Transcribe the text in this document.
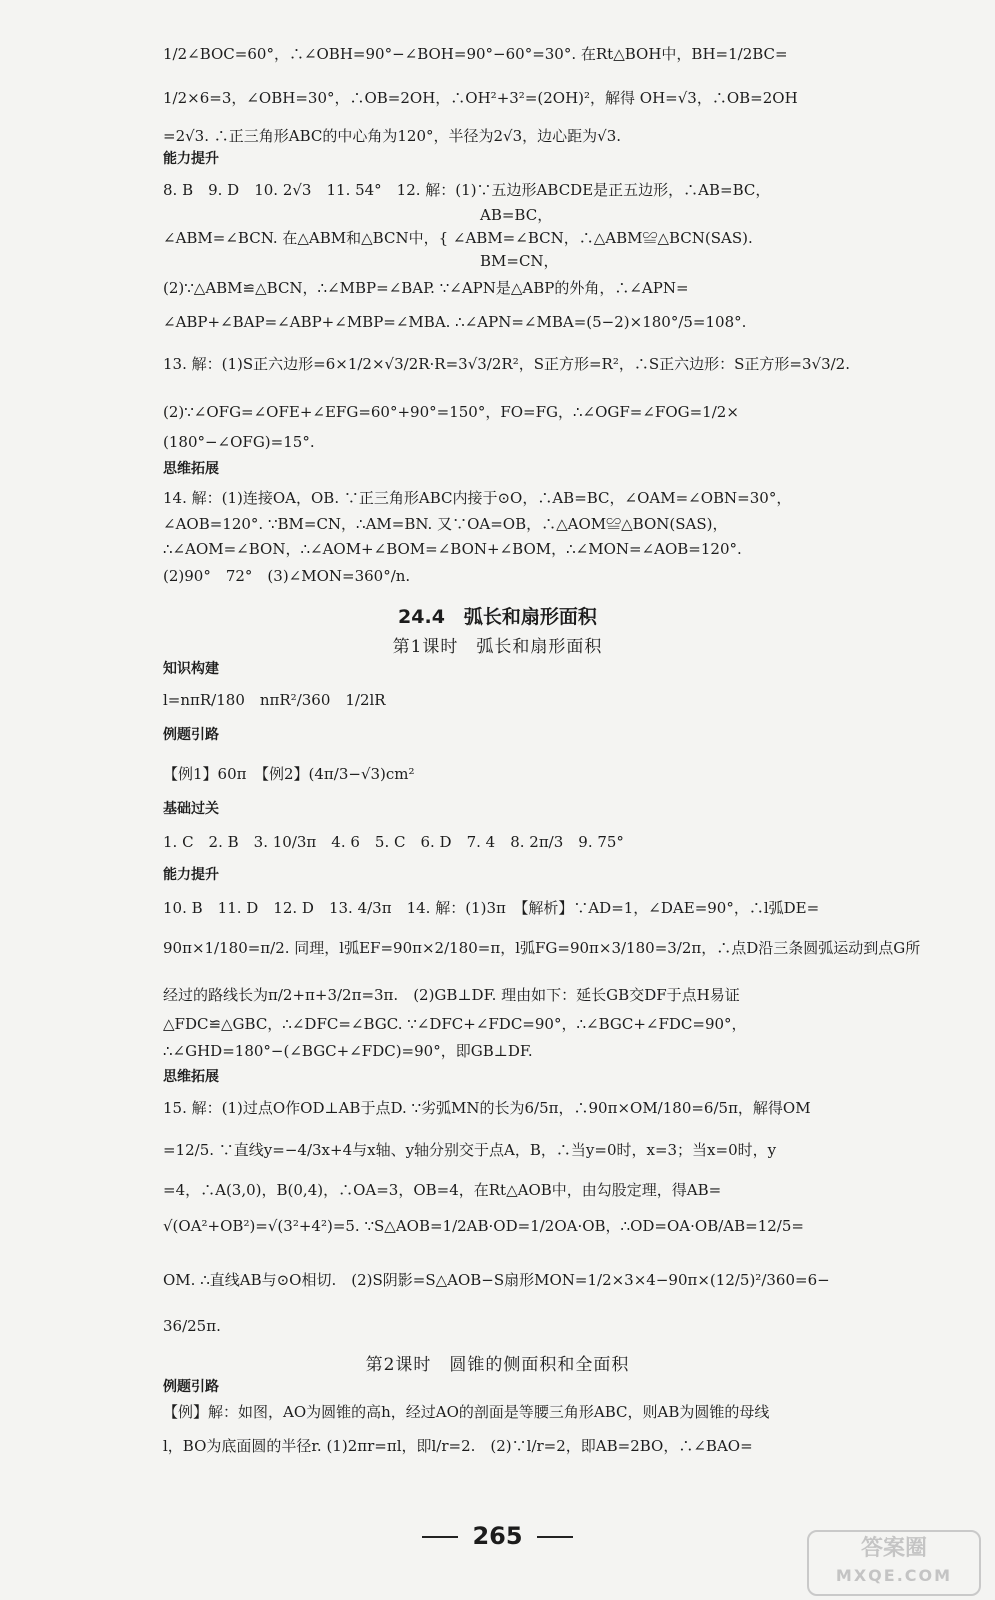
1/2∠BOC=60°，∴∠OBH=90°−∠BOH=90°−60°=30°. 在Rt△BOH中，BH=1/2BC=
1/2×6=3，∠OBH=30°，∴OB=2OH，∴OH²+3²=(2OH)²，解得 OH=√3，∴OB=2OH
=2√3. ∴正三角形ABC的中心角为120°，半径为2√3，边心距为√3.
能力提升
8. B　9. D　10. 2√3　11. 54°　12. 解：(1)∵五边形ABCDE是正五边形，∴AB=BC，
AB=BC，
∠ABM=∠BCN. 在△ABM和△BCN中，{ ∠ABM=∠BCN，∴△ABM≌△BCN(SAS).
BM=CN，
(2)∵△ABM≌△BCN，∴∠MBP=∠BAP. ∵∠APN是△ABP的外角，∴∠APN=
∠ABP+∠BAP=∠ABP+∠MBP=∠MBA. ∴∠APN=∠MBA=(5−2)×180°/5=108°.
13. 解：(1)S正六边形=6×1/2×√3/2R·R=3√3/2R²，S正方形=R²，∴S正六边形：S正方形=3√3/2.
(2)∵∠OFG=∠OFE+∠EFG=60°+90°=150°，FO=FG，∴∠OGF=∠FOG=1/2×
(180°−∠OFG)=15°.
思维拓展
14. 解：(1)连接OA，OB. ∵正三角形ABC内接于⊙O，∴AB=BC，∠OAM=∠OBN=30°，
∠AOB=120°. ∵BM=CN，∴AM=BN. 又∵OA=OB，∴△AOM≌△BON(SAS)，
∴∠AOM=∠BON，∴∠AOM+∠BOM=∠BON+∠BOM，∴∠MON=∠AOB=120°.
(2)90°　72°　(3)∠MON=360°/n.
24.4　弧长和扇形面积
第1课时　弧长和扇形面积
知识构建
l=nπR/180　nπR²/360　1/2lR
例题引路
【例1】60π　【例2】(4π/3−√3)cm²
基础过关
1. C　2. B　3. 10/3π　4. 6　5. C　6. D　7. 4　8. 2π/3　9. 75°
能力提升
10. B　11. D　12. D　13. 4/3π　14. 解：(1)3π　【解析】∵AD=1，∠DAE=90°，∴l弧DE=
90π×1/180=π/2. 同理，l弧EF=90π×2/180=π，l弧FG=90π×3/180=3/2π，∴点D沿三条圆弧运动到点G所
经过的路线长为π/2+π+3/2π=3π.　(2)GB⊥DF. 理由如下：延长GB交DF于点H易证
△FDC≌△GBC，∴∠DFC=∠BGC. ∵∠DFC+∠FDC=90°，∴∠BGC+∠FDC=90°，
∴∠GHD=180°−(∠BGC+∠FDC)=90°，即GB⊥DF.
思维拓展
15. 解：(1)过点O作OD⊥AB于点D. ∵劣弧MN的长为6/5π，∴90π×OM/180=6/5π，解得OM
=12/5. ∵直线y=−4/3x+4与x轴、y轴分别交于点A，B，∴当y=0时，x=3；当x=0时，y
=4，∴A(3,0)，B(0,4)，∴OA=3，OB=4，在Rt△AOB中，由勾股定理，得AB=
√(OA²+OB²)=√(3²+4²)=5. ∵S△AOB=1/2AB·OD=1/2OA·OB，∴OD=OA·OB/AB=12/5=
OM. ∴直线AB与⊙O相切.　(2)S阴影=S△AOB−S扇形MON=1/2×3×4−90π×(12/5)²/360=6−
36/25π.
第2课时　圆锥的侧面积和全面积
例题引路
【例】解：如图，AO为圆锥的高h，经过AO的剖面是等腰三角形ABC，则AB为圆锥的母线
l，BO为底面圆的半径r. (1)2πr=πl，即l/r=2.　(2)∵l/r=2，即AB=2BO，∴∠BAO=
265	答案圈
MXQE.COM
